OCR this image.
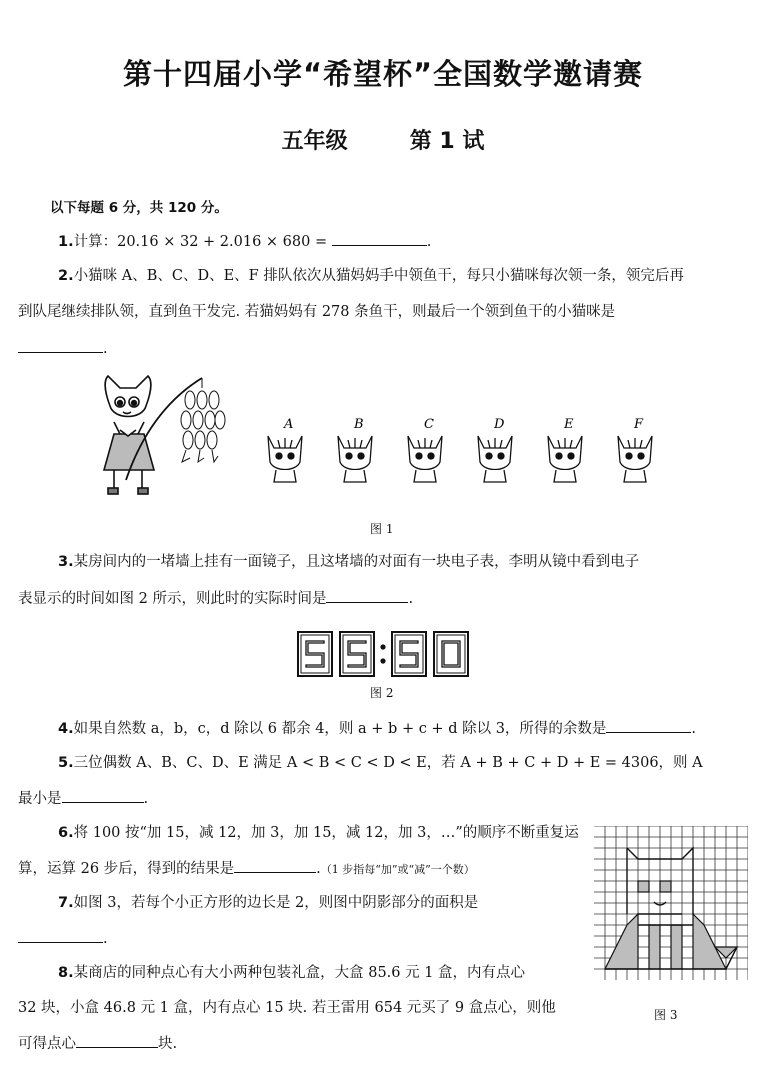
第十四届小学“希望杯”全国数学邀请赛
五年级	第 1 试
以下每题 6 分，共 120 分。
1.计算：20.16 × 32 + 2.016 × 680 =	.
2.小猫咪 A、B、C、D、E、F 排队依次从猫妈妈手中领鱼干，每只小猫咪每次领一条，领完后再
到队尾继续排队领，直到鱼干发完. 若猫妈妈有 278 条鱼干，则最后一个领到鱼干的小猫咪是
.
A	B	C	D	E	F
图 1
3.某房间内的一堵墙上挂有一面镜子，且这堵墙的对面有一块电子表，李明从镜中看到电子
表显示的时间如图 2 所示，则此时的实际时间是	.
图 2
4.如果自然数 a，b，c，d 除以 6 都余 4，则 a + b + c + d 除以 3，所得的余数是	.
5.三位偶数 A、B、C、D、E 满足 A < B < C < D < E，若 A + B + C + D + E = 4306，则 A
最小是	.
6.将 100 按“加 15，减 12，加 3，加 15，减 12，加 3，…”的顺序不断重复运
算，运算 26 步后，得到的结果是	.（1 步指每“加”或“减”一个数）
7.如图 3，若每个小正方形的边长是 2，则图中阴影部分的面积是
.
8.某商店的同种点心有大小两种包装礼盒，大盒 85.6 元 1 盒，内有点心
32 块，小盒 46.8 元 1 盒，内有点心 15 块. 若王雷用 654 元买了 9 盒点心，则他
可得点心	块.
图 3
